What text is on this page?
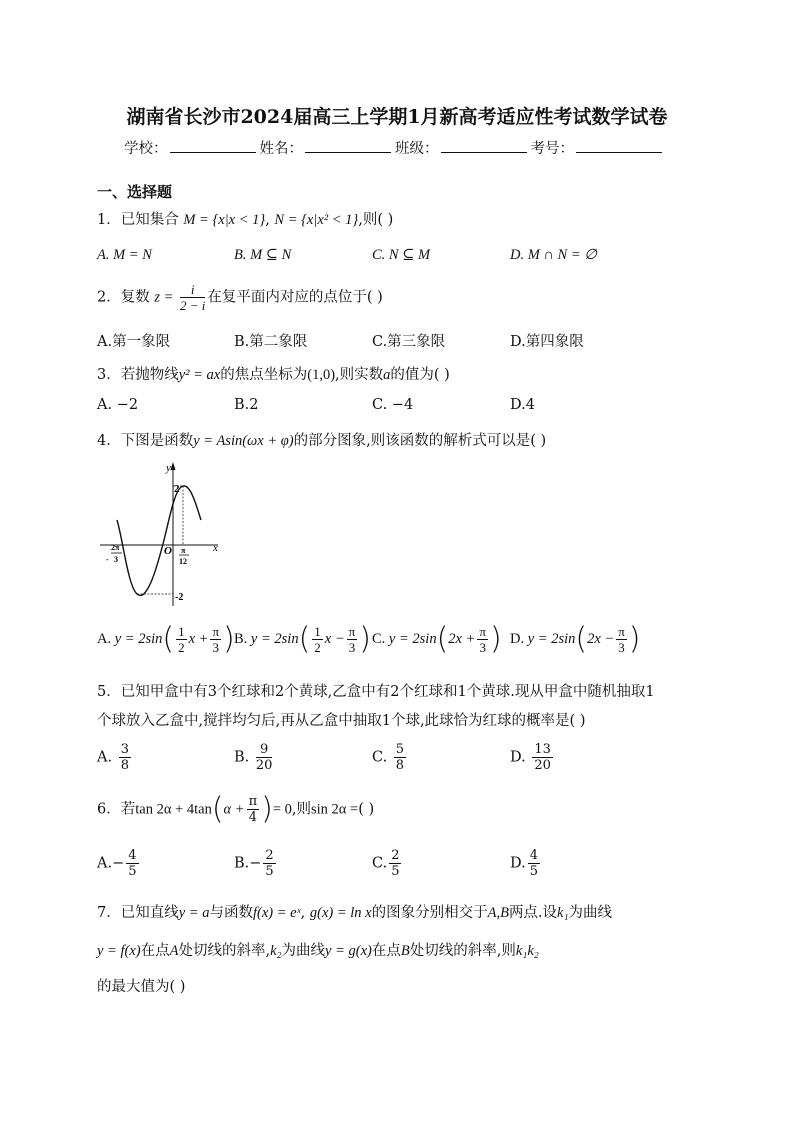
湖南省长沙市2024届高三上学期1月新高考适应性考试数学试卷
学校：	姓名：	班级：	考号：
一、选择题
1．已知集合 M = {x|x < 1}, N = {x|x² < 1},则( )
A. M = N	B. M ⊆ N	C. N ⊆ M	D. M ∩ N = ∅
2．复数 $z = \frac{i}{2 - i}$ 在复平面内对应的点位于( )
A.第一象限	B.第二象限	C.第三象限	D.第四象限
3．若抛物线y² = ax的焦点坐标为(1,0),则实数a的值为( )
A. −2	B.2	C. −4	D.4
4．下图是函数y = Asin(ωx + φ)的部分图象,则该函数的解析式可以是( )
x
y
O
2
-2
2π
- 3
π
12
A. $y = 2\sin( \frac{1}{2}$ $x + \frac{\pi}{3}$ ) B. $y = 2\sin( \frac{1}{2}$ $x - \frac{\pi}{3}$ ) C. $y = 2\sin(2x + \frac{\pi}{3}$ ) D. $y = 2\sin(2x - \frac{\pi}{3}$ )
5．已知甲盒中有3个红球和2个黄球,乙盒中有2个红球和1个黄球.现从甲盒中随机抽取1
个球放入乙盒中,搅拌均匀后,再从乙盒中抽取1个球,此球恰为红球的概率是( )
A. $\frac{3}{8}$	B. $\frac{9}{20}$	C. $\frac{5}{8}$	D. $\frac{13}{20}$
6．若$\tan 2\alpha + 4\tan(\alpha + \frac{\pi}{4}$ )= 0,则sin 2α =( )
$A.- \frac{4}{5}$	$B.- \frac{2}{5}$	C. $\frac{2}{5}$	D. $\frac{4}{5}$
7．已知直线y = a与函数f(x) = eˣ, g(x) = ln x的图象分别相交于A,B两点.设k₁为曲线
y = f(x)在点A处切线的斜率,k₂为曲线y = g(x)在点B处切线的斜率,则k₁k₂
的最大值为( )
